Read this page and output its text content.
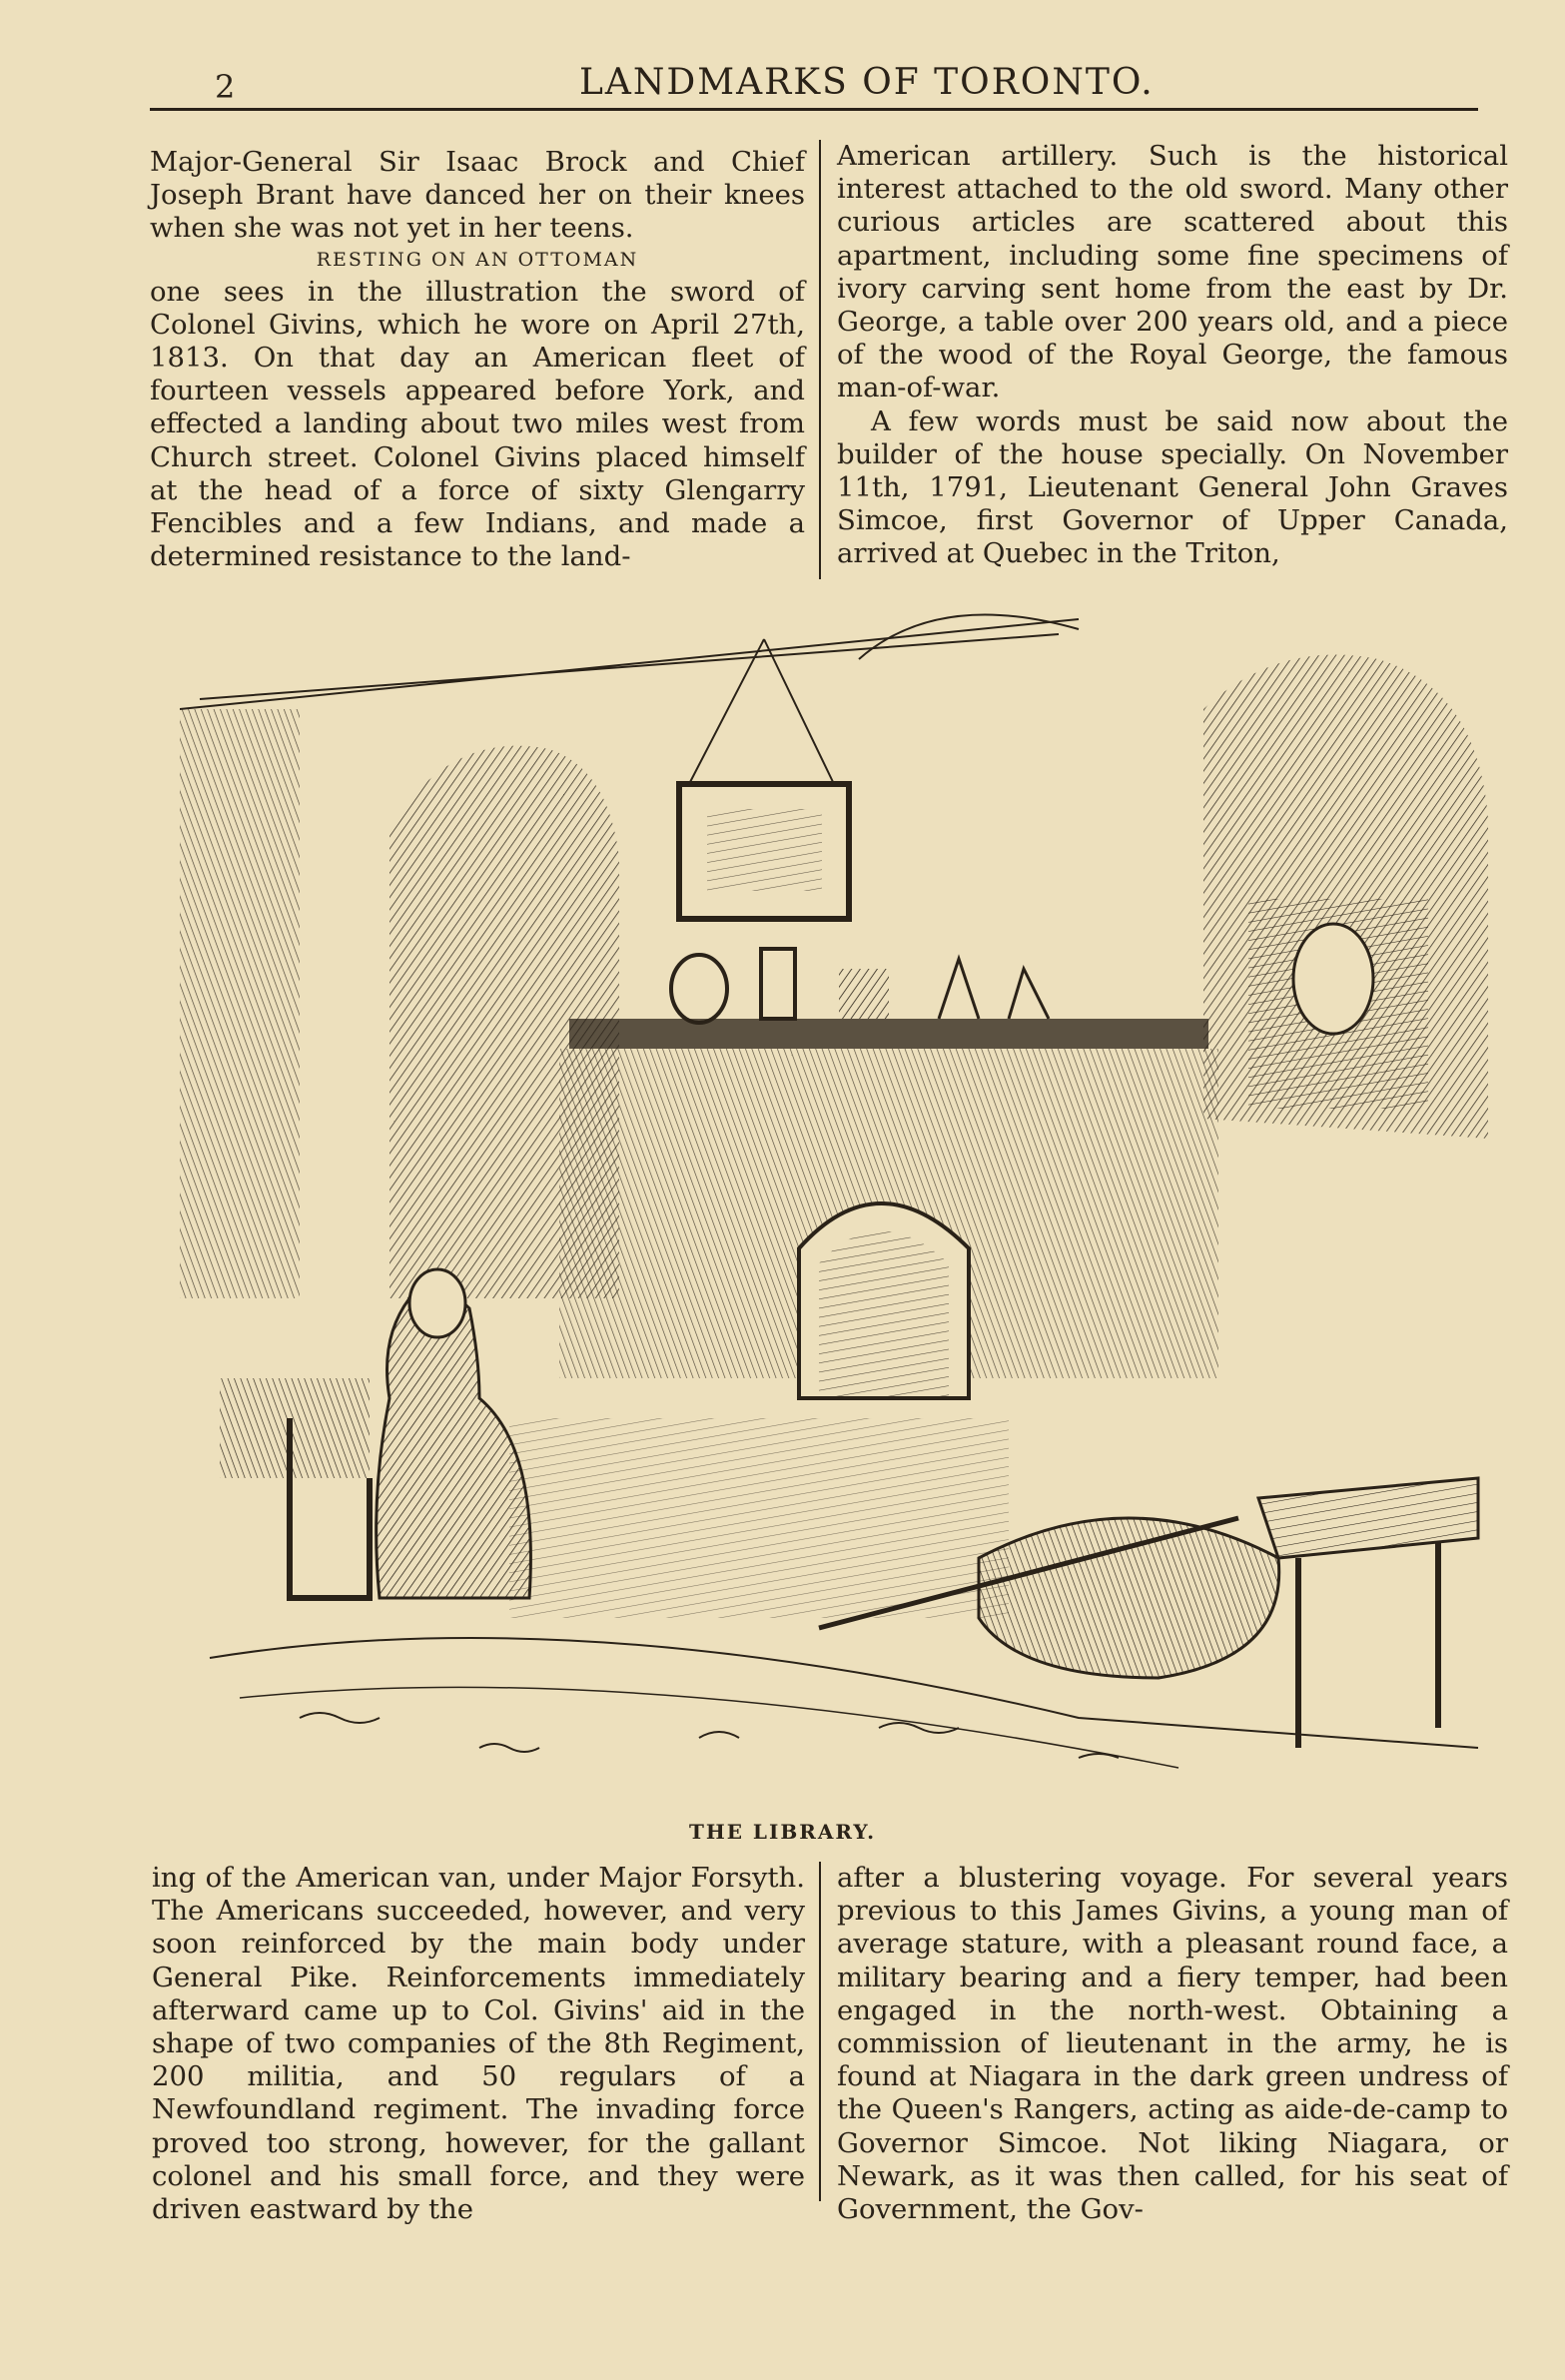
2	LANDMARKS OF TORONTO.

Major-General Sir Isaac Brock and Chief Joseph Brant have danced her on their knees when she was not yet in her teens.

RESTING ON AN OTTOMAN

one sees in the illustration the sword of Colonel Givins, which he wore on April 27th, 1813. On that day an American fleet of fourteen vessels appeared before York, and effected a landing about two miles west from Church street. Colonel Givins placed himself at the head of a force of sixty Glengarry Fencibles and a few Indians, and made a determined resistance to the land-

American artillery. Such is the historical interest attached to the old sword. Many other curious articles are scattered about this apartment, including some fine specimens of ivory carving sent home from the east by Dr. George, a table over 200 years old, and a piece of the wood of the Royal George, the famous man-of-war.

A few words must be said now about the builder of the house specially. On November 11th, 1791, Lieutenant General John Graves Simcoe, first Governor of Upper Canada, arrived at Quebec in the Triton,

THE LIBRARY.

ing of the American van, under Major Forsyth. The Americans succeeded, however, and very soon reinforced by the main body under General Pike. Reinforcements immediately afterward came up to Col. Givins' aid in the shape of two companies of the 8th Regiment, 200 militia, and 50 regulars of a Newfoundland regiment. The invading force proved too strong, however, for the gallant colonel and his small force, and they were driven eastward by the

after a blustering voyage. For several years previous to this James Givins, a young man of average stature, with a pleasant round face, a military bearing and a fiery temper, had been engaged in the north-west. Obtaining a commission of lieutenant in the army, he is found at Niagara in the dark green undress of the Queen's Rangers, acting as aide-de-camp to Governor Simcoe. Not liking Niagara, or Newark, as it was then called, for his seat of Government, the Gov-
